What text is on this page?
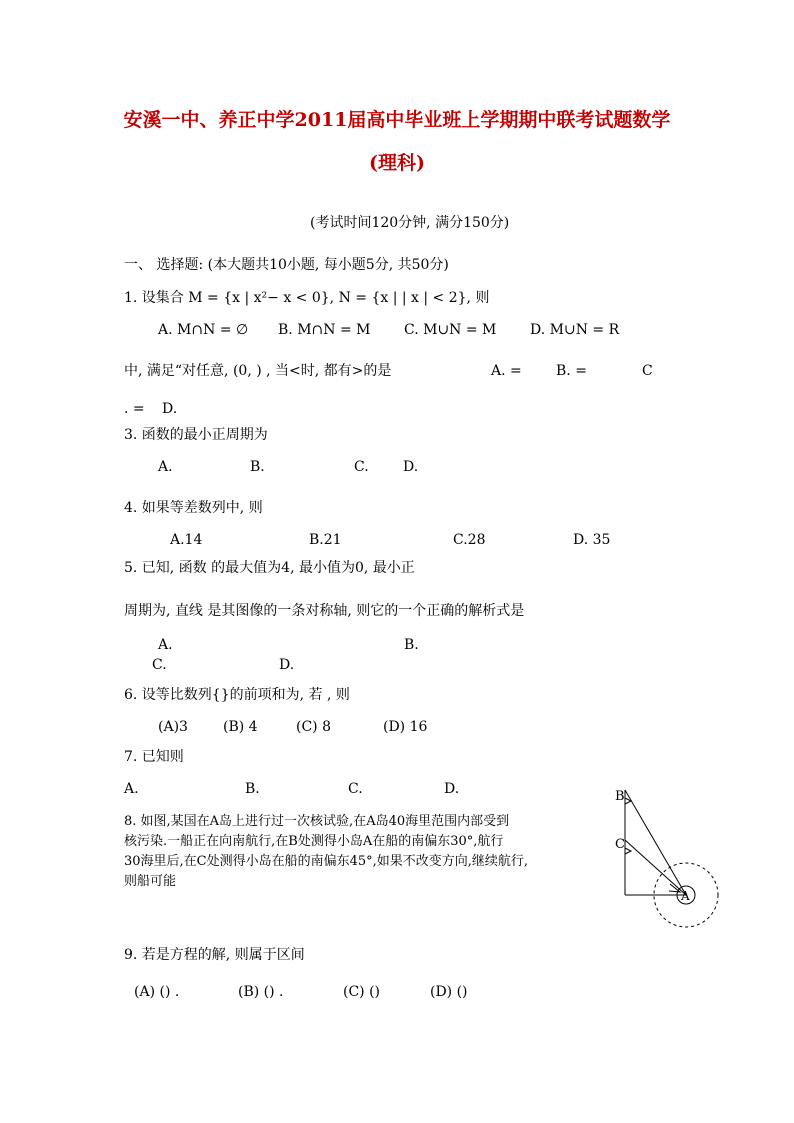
安溪一中、养正中学2011届高中毕业班上学期期中联考试题数学
(理科)
(考试时间120分钟, 满分150分)
一、 选择题: (本大题共10小题, 每小题5分, 共50分)
1. 设集合 M = {x | x²− x < 0}, N = {x | | x | < 2}, 则
A. M∩N = ∅ B. M∩N = M C. M∪N = M D. M∪N = R
中, 满足“对任意, (0, ) , 当<时, 都有>的是	A. = B. =	C
. = D.
3. 函数的最小正周期为
A.	B.	C. D.
4. 如果等差数列中, 则
A.14	B.21	C.28	D. 35
5. 已知, 函数 的最大值为4, 最小值为0, 最小正
周期为, 直线 是其图像的一条对称轴, 则它的一个正确的解析式是
A.	B.
C.	D.
6. 设等比数列{}的前项和为, 若 , 则
(A)3	(B) 4	(C) 8	(D) 16
7. 已知则
A.	B.	C.	D.
8. 如图,某国在A岛上进行过一次核试验,在A岛40海里范围内部受到
核污染.一船正在向南航行,在B处测得小岛A在船的南偏东30°,航行
30海里后,在C处测得小岛在船的南偏东45°,如果不改变方向,继续航行,
则船可能
B
C
A
9. 若是方程的解, 则属于区间
(A) () .	(B) () .	(C) ()	(D) ()
